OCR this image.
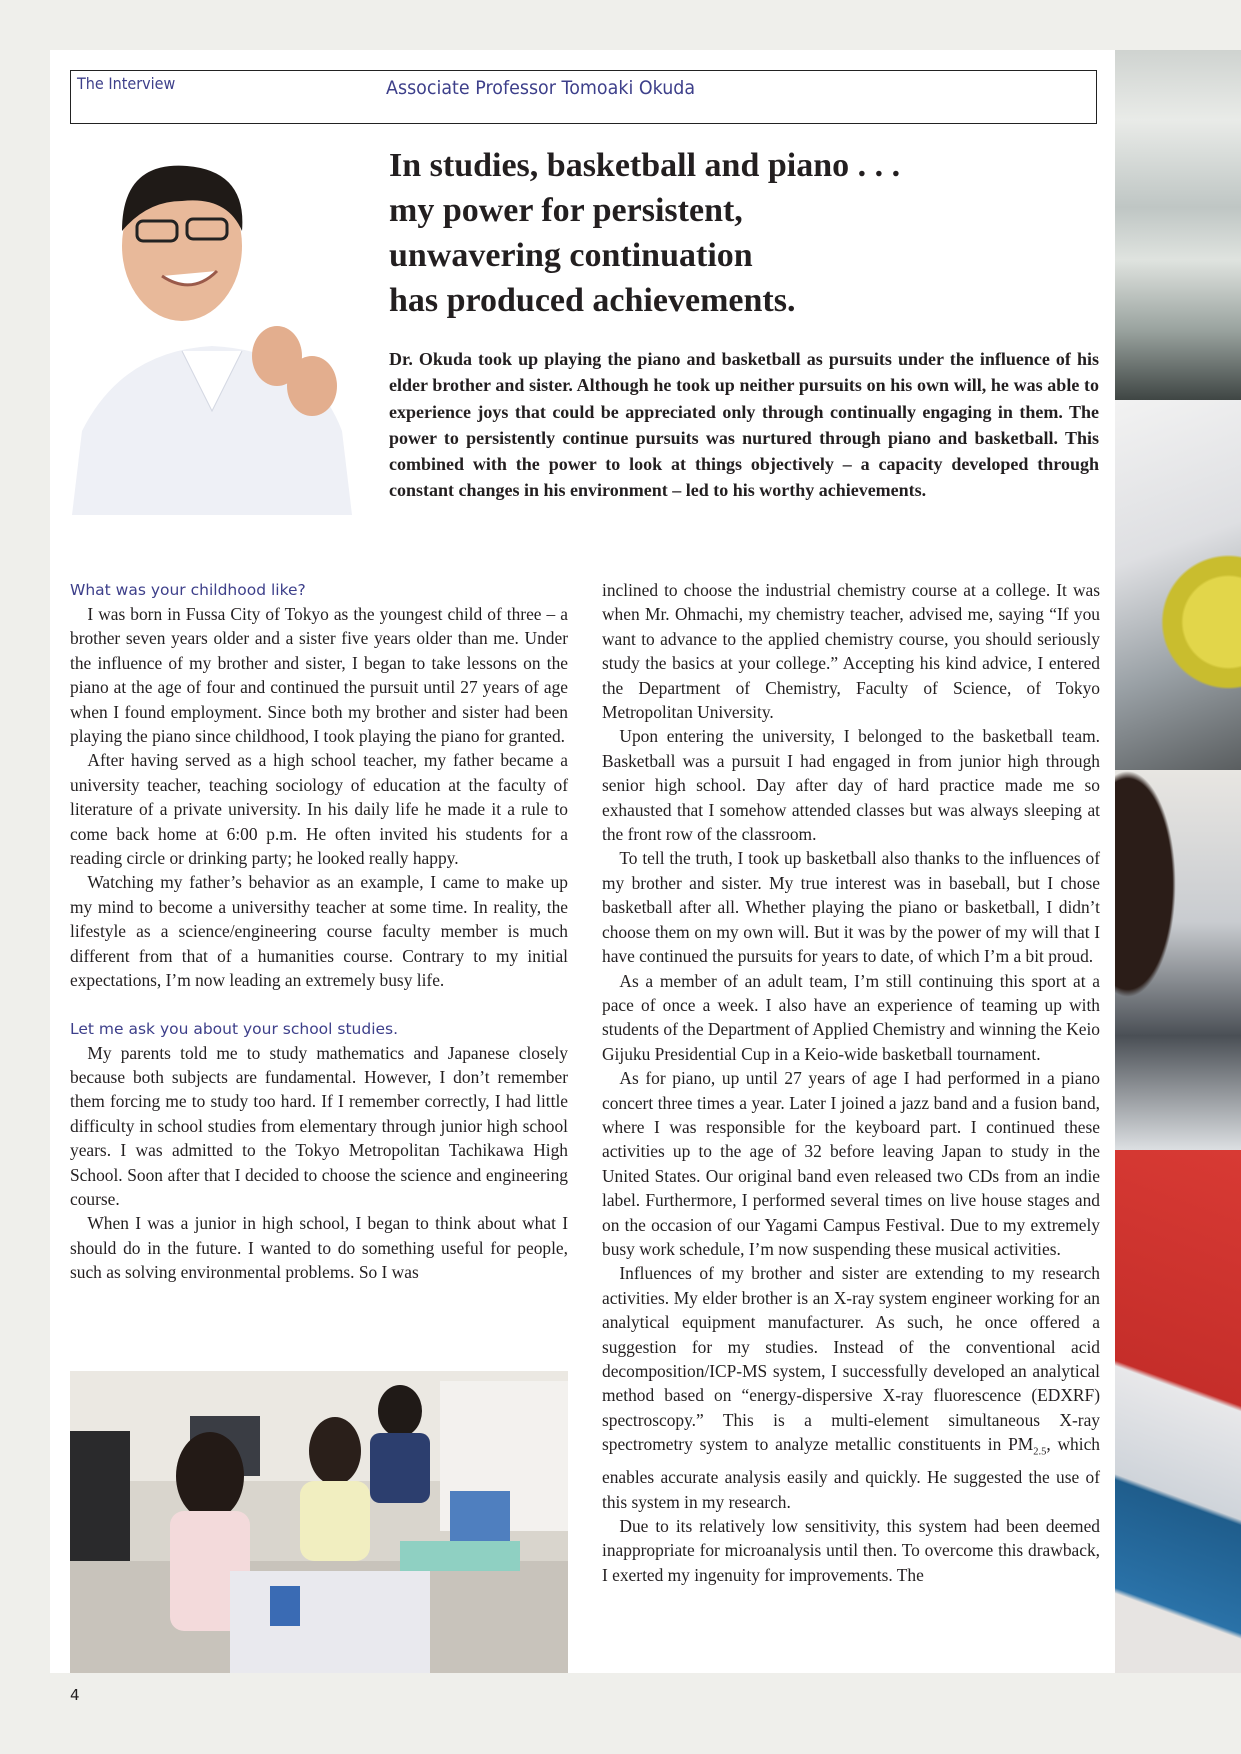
The Interview	Associate Professor Tomoaki Okuda
In studies, basketball and piano . . .
my power for persistent,
unwavering continuation
has produced achievements.

Dr. Okuda took up playing the piano and basketball as pursuits under the influence of his elder brother and sister. Although he took up neither pursuits on his own will, he was able to experience joys that could be appreciated only through continually engaging in them. The power to persistently continue pursuits was nurtured through piano and basketball. This combined with the power to look at things objectively – a capacity developed through constant changes in his environment – led to his worthy achievements.

What was your childhood like?

I was born in Fussa City of Tokyo as the youngest child of three – a brother seven years older and a sister five years older than me. Under the influence of my brother and sister, I began to take lessons on the piano at the age of four and continued the pursuit until 27 years of age when I found employment. Since both my brother and sister had been playing the piano since childhood, I took playing the piano for granted.

After having served as a high school teacher, my father became a university teacher, teaching sociology of education at the faculty of literature of a private university. In his daily life he made it a rule to come back home at 6:00 p.m. He often invited his students for a reading circle or drinking party; he looked really happy.

Watching my father’s behavior as an example, I came to make up my mind to become a universithy teacher at some time. In reality, the lifestyle as a science/engineering course faculty member is much different from that of a humanities course. Contrary to my initial expectations, I’m now leading an extremely busy life.

Let me ask you about your school studies.

My parents told me to study mathematics and Japanese closely because both subjects are fundamental. However, I don’t remember them forcing me to study too hard. If I remember correctly, I had little difficulty in school studies from elementary through junior high school years. I was admitted to the Tokyo Metropolitan Tachikawa High School. Soon after that I decided to choose the science and engineering course.

When I was a junior in high school, I began to think about what I should do in the future. I wanted to do something useful for people, such as solving environmental problems. So I was

inclined to choose the industrial chemistry course at a college. It was when Mr. Ohmachi, my chemistry teacher, advised me, saying “If you want to advance to the applied chemistry course, you should seriously study the basics at your college.” Accepting his kind advice, I entered the Department of Chemistry, Faculty of Science, of Tokyo Metropolitan University.

Upon entering the university, I belonged to the basketball team. Basketball was a pursuit I had engaged in from junior high through senior high school. Day after day of hard practice made me so exhausted that I somehow attended classes but was always sleeping at the front row of the classroom.

To tell the truth, I took up basketball also thanks to the influences of my brother and sister. My true interest was in baseball, but I chose basketball after all. Whether playing the piano or basketball, I didn’t choose them on my own will. But it was by the power of my will that I have continued the pursuits for years to date, of which I’m a bit proud.

As a member of an adult team, I’m still continuing this sport at a pace of once a week. I also have an experience of teaming up with students of the Department of Applied Chemistry and winning the Keio Gijuku Presidential Cup in a Keio-wide basketball tournament.

As for piano, up until 27 years of age I had performed in a piano concert three times a year. Later I joined a jazz band and a fusion band, where I was responsible for the keyboard part. I continued these activities up to the age of 32 before leaving Japan to study in the United States. Our original band even released two CDs from an indie label. Furthermore, I performed several times on live house stages and on the occasion of our Yagami Campus Festival. Due to my extremely busy work schedule, I’m now suspending these musical activities.

Influences of my brother and sister are extending to my research activities. My elder brother is an X-ray system engineer working for an analytical equipment manufacturer. As such, he once offered a suggestion for my studies. Instead of the conventional acid decomposition/ICP-MS system, I successfully developed an analytical method based on “energy-dispersive X-ray fluorescence (EDXRF) spectroscopy.” This is a multi-element simultaneous X-ray spectrometry system to analyze metallic constituents in $PM_{2.5}$, which enables accurate analysis easily and quickly. He suggested the use of this system in my research.

Due to its relatively low sensitivity, this system had been deemed inappropriate for microanalysis until then. To overcome this drawback, I exerted my ingenuity for improvements. The

4
